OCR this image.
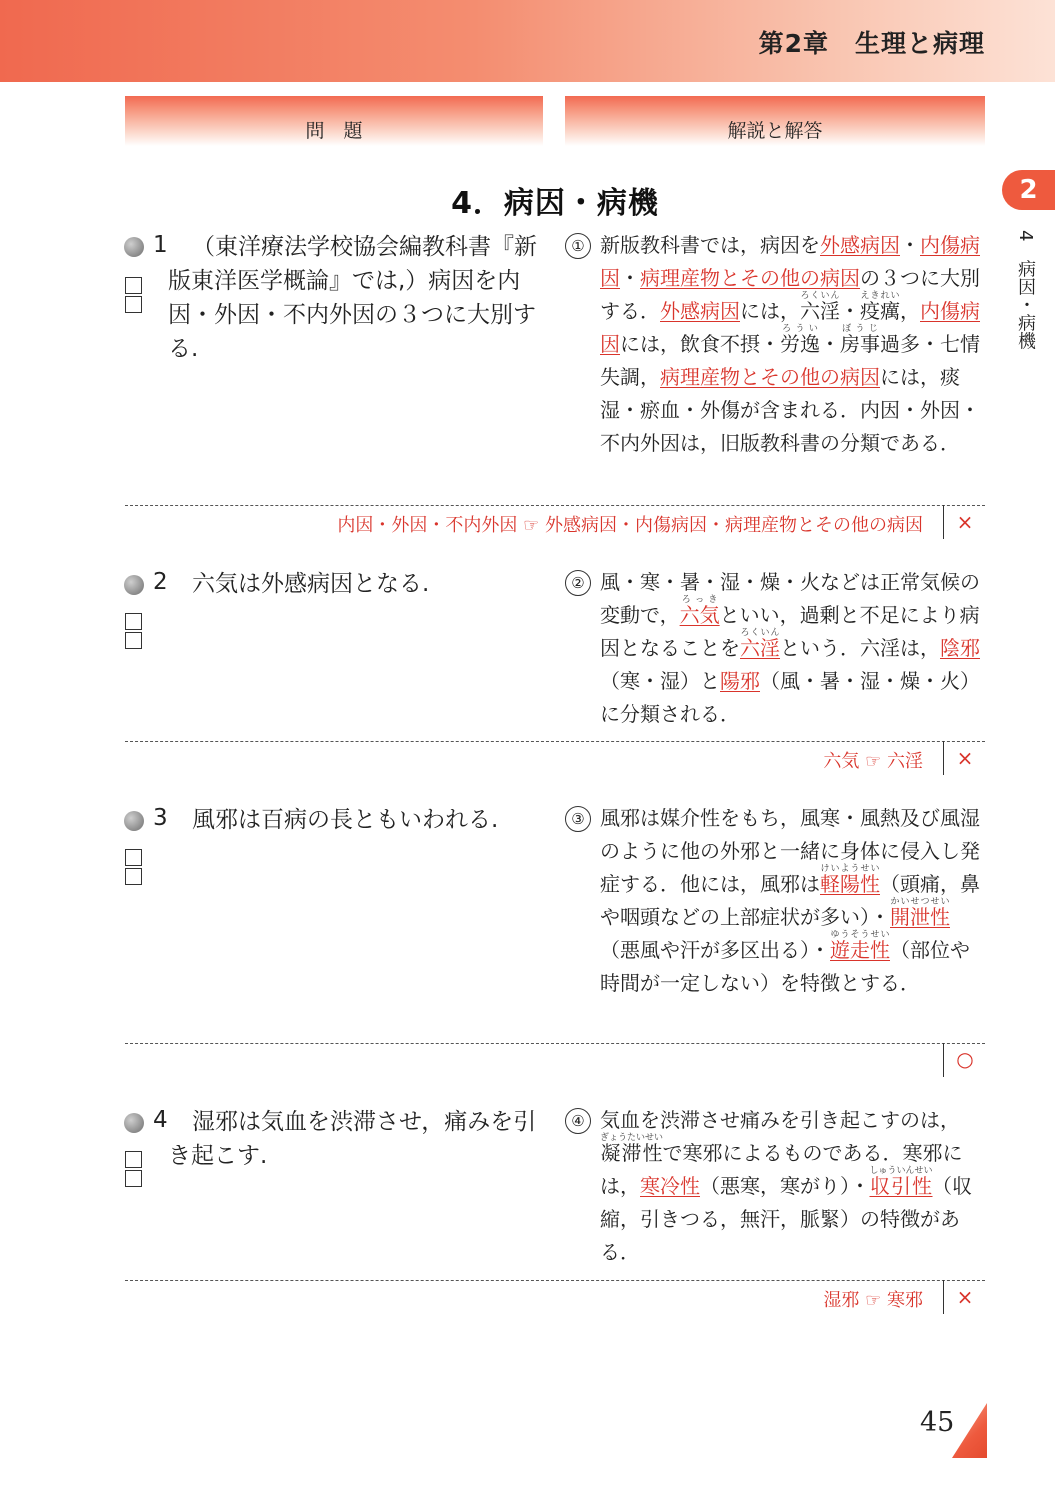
第2章　生理と病理
問　題	解説と解答
4．病因・病機	2
4　病因・病機
1	（東洋療法学校協会編教科書『新版東洋医学概論』では,）病因を内因・外因・不内外因の３つに大別する.
① 新版教科書では，病因を外感病因・内傷病因・病理産物とその他の病因の３つに大別する．外感病因には，六淫ろくいん・疫癘えきれい，内傷病因には，飲食不摂・労逸ろうい・房事ぼうじ過多・七情失調，病理産物とその他の病因には，痰湿・瘀血・外傷が含まれる．内因・外因・不内外因は，旧版教科書の分類である．
内因・外因・不内外因 ☞ 外感病因・内傷病因・病理産物とその他の病因 ×
2	六気は外感病因となる.	② 風・寒・暑・湿・燥・火などは正常気候の変動で，六気ろっきといい，過剰と不足により病因となることを六淫ろくいんという．六淫は，陰邪（寒・湿）と陽邪（風・暑・湿・燥・火）に分類される．
六気 ☞ 六淫 ×
3	風邪は百病の長ともいわれる.	③ 風邪は媒介性をもち，風寒・風熱及び風湿のように他の外邪と一緒に身体に侵入し発症する．他には，風邪は軽陽性けいようせい（頭痛，鼻や咽頭などの上部症状が多い）・開泄性かいせつせい（悪風や汗が多区出る）・遊走性ゆうそうせい（部位や時間が一定しない）を特徴とする．
○
4	湿邪は気血を渋滞させ，痛みを引き起こす.
④ 気血を渋滞させ痛みを引き起こすのは，凝滞性ぎょうたいせいで寒邪によるものである．寒邪には，寒冷性（悪寒，寒がり）・収引性しゅういんせい（収縮，引きつる，無汗，脈緊）の特徴がある．
湿邪 ☞ 寒邪 ×
45
